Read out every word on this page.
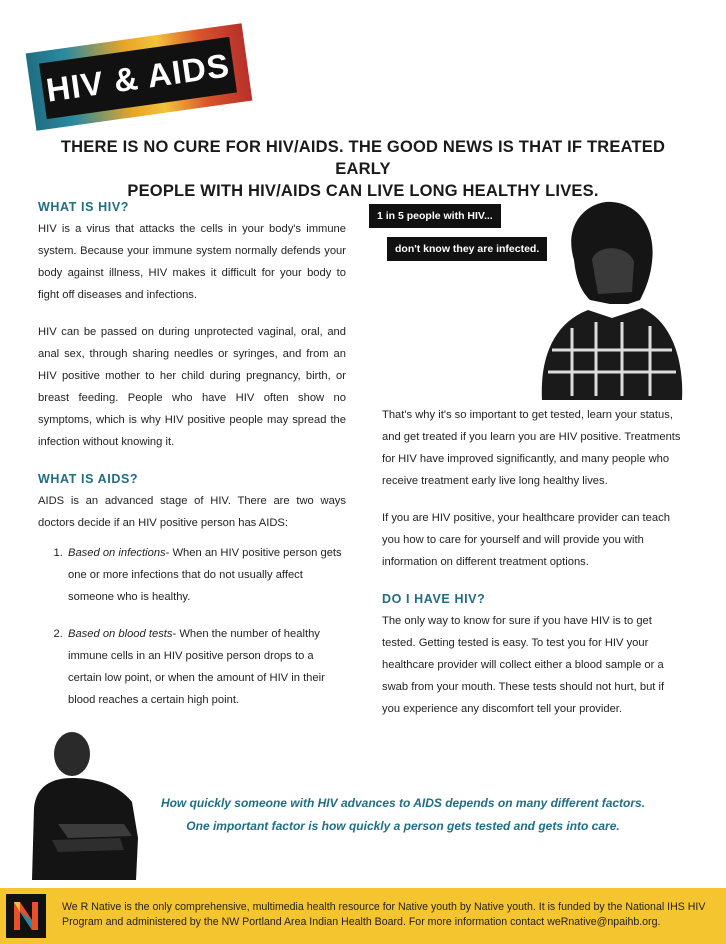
HIV & AIDS
THERE IS NO CURE FOR HIV/AIDS. THE GOOD NEWS IS THAT IF TREATED EARLY
PEOPLE WITH HIV/AIDS CAN LIVE LONG HEALTHY LIVES.
WHAT IS HIV?

HIV is a virus that attacks the cells in your body's immune system. Because your immune system normally defends your body against illness, HIV makes it difficult for your body to fight off diseases and infections.

HIV can be passed on during unprotected vaginal, oral, and anal sex, through sharing needles or syringes, and from an HIV positive mother to her child during pregnancy, birth, or breast feeding. People who have HIV often show no symptoms, which is why HIV positive people may spread the infection without knowing it.

WHAT IS AIDS?

AIDS is an advanced stage of HIV. There are two ways doctors decide if an HIV positive person has AIDS:

1. Based on infections- When an HIV positive person gets one or more infections that do not usually affect someone who is healthy.
2. Based on blood tests- When the number of healthy immune cells in an HIV positive person drops to a certain low point, or when the amount of HIV in their blood reaches a certain high point.
1 in 5 people with HIV...
don't know they are infected.

That's why it's so important to get tested, learn your status, and get treated if you learn you are HIV positive. Treatments for HIV have improved significantly, and many people who receive treatment early live long healthy lives.

If you are HIV positive, your healthcare provider can teach you how to care for yourself and will provide you with information on different treatment options.

DO I HAVE HIV?

The only way to know for sure if you have HIV is to get tested. Getting tested is easy. To test you for HIV your healthcare provider will collect either a blood sample or a swab from your mouth. These tests should not hurt, but if you experience any discomfort tell your provider.

How quickly someone with HIV advances to AIDS depends on many different factors.
One important factor is how quickly a person gets tested and gets into care.
We R Native is the only comprehensive, multimedia health resource for Native youth by Native youth. It is funded by the National IHS HIV Program and administered by the NW Portland Area Indian Health Board. For more information contact weRnative@npaihb.org.
